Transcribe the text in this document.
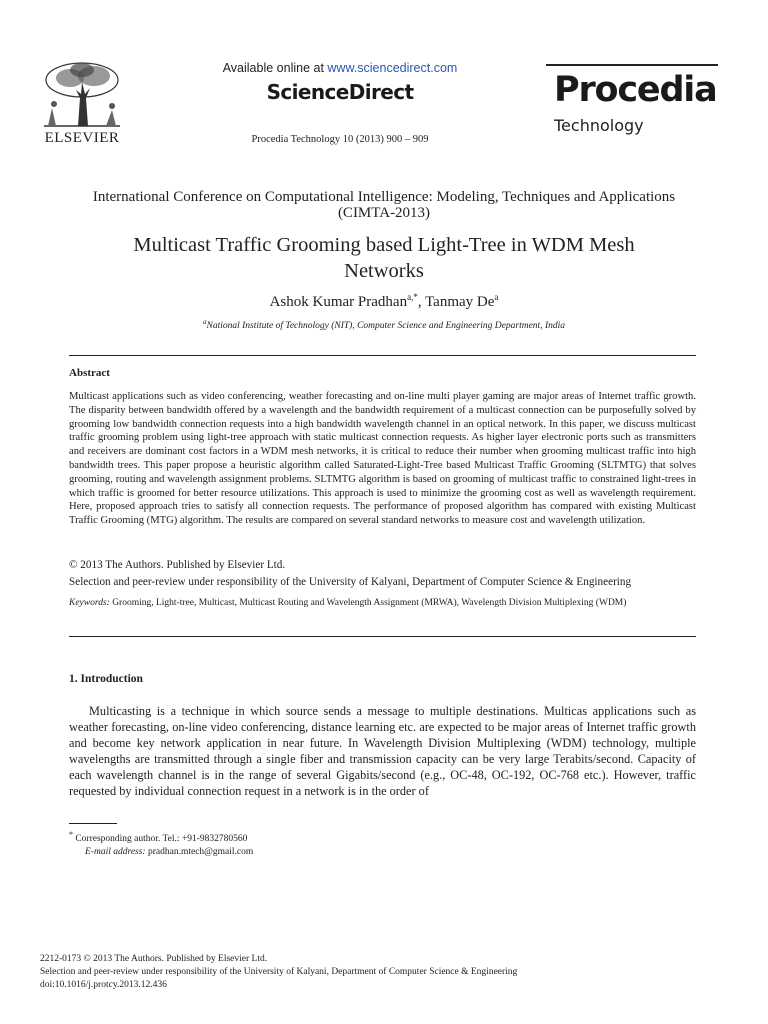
ELSEVIER
Available online at www.sciencedirect.com
ScienceDirect
Procedia Technology 10 (2013) 900 – 909
Procedia
Technology
International Conference on Computational Intelligence: Modeling, Techniques and Applications
(CIMTA-2013)
Multicast Traffic Grooming based Light-Tree in WDM Mesh
Networks
Ashok Kumar Pradhan$^{a,*}$, Tanmay De$^a$
$^a$National Institute of Technology (NIT), Computer Science and Engineering Department, India
Abstract
Multicast applications such as video conferencing, weather forecasting and on-line multi player gaming are major areas of Internet traffic growth. The disparity between bandwidth offered by a wavelength and the bandwidth requirement of a multicast connection can be purposefully solved by grooming low bandwidth connection requests into a high bandwidth wavelength channel in an optical network. In this paper, we discuss multicast traffic grooming problem using light-tree approach with static multicast connection requests. As higher layer electronic ports such as transmitters and receivers are dominant cost factors in a WDM mesh networks, it is critical to reduce their number when grooming multicast traffic into high bandwidth trees. This paper propose a heuristic algorithm called Saturated-Light-Tree based Multicast Traffic Grooming (SLTMTG) that solves grooming, routing and wavelength assignment problems. SLTMTG algorithm is based on grooming of multicast traffic to constrained light-trees in which traffic is groomed for better resource utilizations. This approach is used to minimize the grooming cost as well as wavelength requirement. Here, proposed approach tries to satisfy all connection requests. The performance of proposed algorithm has compared with existing Multicast Traffic Grooming (MTG) algorithm. The results are compared on several standard networks to measure cost and wavelength utilization.
© 2013 The Authors. Published by Elsevier Ltd.
Selection and peer-review under responsibility of the University of Kalyani, Department of Computer Science & Engineering
Keywords: Grooming, Light-tree, Multicast, Multicast Routing and Wavelength Assignment (MRWA), Wavelength Division Multiplexing (WDM)
1. Introduction

Multicasting is a technique in which source sends a message to multiple destinations. Multicas applications such as weather forecasting, on-line video conferencing, distance learning etc. are expected to be major areas of Internet traffic growth and become key network application in near future. In Wavelength Division Multiplexing (WDM) technology, multiple wavelengths are transmitted through a single fiber and transmission capacity can be very large Terabits/second. Capacity of each wavelength channel is in the range of several Gigabits/second (e.g., OC-48, OC-192, OC-768 etc.). However, traffic requested by individual connection request in a network is in the order of

* Corresponding author. Tel.: +91-9832780560
E-mail address: pradhan.mtech@gmail.com
2212-0173 © 2013 The Authors. Published by Elsevier Ltd.
Selection and peer-review under responsibility of the University of Kalyani, Department of Computer Science & Engineering
doi:10.1016/j.protcy.2013.12.436
